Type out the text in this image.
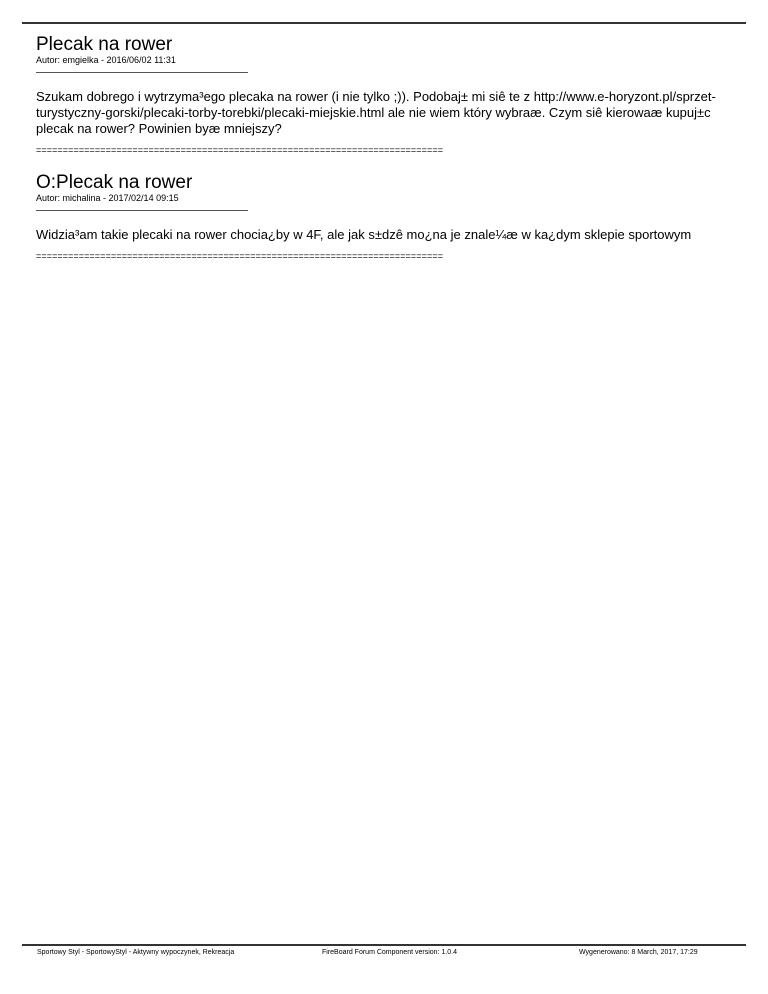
Plecak na rower
Autor: emgielka - 2016/06/02 11:31
Szukam dobrego i wytrzyma³ego plecaka na rower (i nie tylko ;)). Podobaj± mi siê te z http://www.e-horyzont.pl/sprzet-turystyczny-gorski/plecaki-torby-torebki/plecaki-miejskie.html ale nie wiem który wybraæ. Czym siê kierowaæ kupuj±c plecak na rower? Powinien byæ mniejszy?
============================================================================
O:Plecak na rower
Autor: michalina - 2017/02/14 09:15
Widzia³am takie plecaki na rower chocia¿by w 4F, ale jak s±dzê mo¿na je znale¼æ w ka¿dym sklepie sportowym
============================================================================
Sportowy Styl - SportowyStyl - Aktywny wypoczynek, Rekreacja	FireBoard Forum Component version: 1.0.4	Wygenerowano: 8 March, 2017, 17:29
